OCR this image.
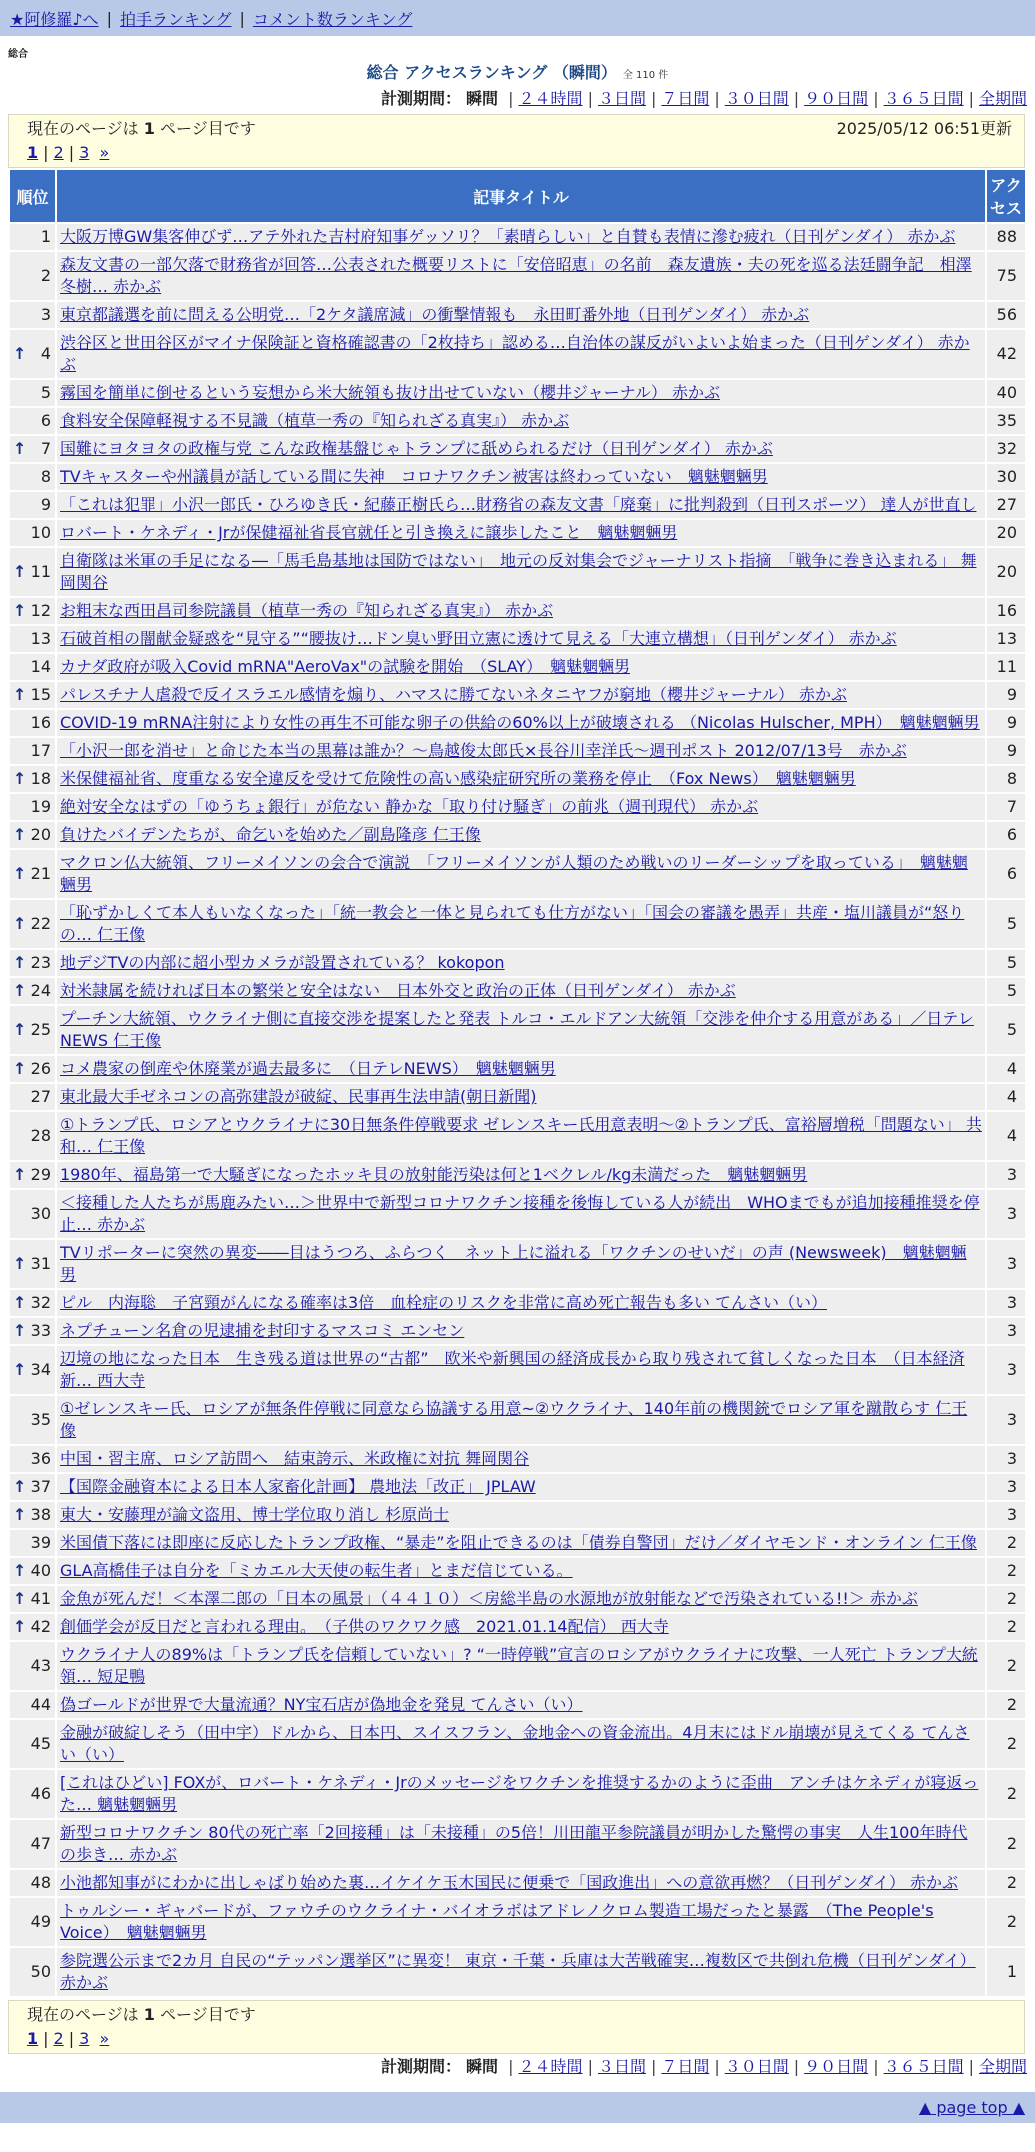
★阿修羅♪へ | 拍手ランキング | コメント数ランキング
総合
総合 アクセスランキング （瞬間） 全 110 件
計測期間： 瞬間 | ２４時間 | ３日間 | ７日間 | ３０日間 | ９０日間 | ３６５日間 | 全期間
現在のページは 1 ページ目です	2025/05/12 06:51更新
1 | 2 | 3 »
順位	記事タイトル	アクセス
1	大阪万博GW集客伸びず…アテ外れた吉村府知事ゲッソリ？「素晴らしい」と自賛も表情に滲む疲れ（日刊ゲンダイ） 赤かぶ	88
2	森友文書の一部欠落で財務省が回答…公表された概要リストに「安倍昭恵」の名前　森友遺族・夫の死を巡る法廷闘争記　相澤冬樹… 赤かぶ	75
3	東京都議選を前に問える公明党…「2ケタ議席減」の衝撃情報も　永田町番外地（日刊ゲンダイ） 赤かぶ	56

↑ 4	渋谷区と世田谷区がマイナ保険証と資格確認書の「2枚持ち」認める…自治体の謀反がいよいよ始まった（日刊ゲンダイ） 赤かぶ	42
5	霧国を簡単に倒せるという妄想から米大統領も抜け出せていない（櫻井ジャーナル） 赤かぶ	40
6	食料安全保障軽視する不見識（植草一秀の『知られざる真実』） 赤かぶ	35

↑ 7	国難にヨタヨタの政権与党 こんな政権基盤じゃトランプに舐められるだけ（日刊ゲンダイ） 赤かぶ	32
8	TVキャスターや州議員が話している間に失神　コロナワクチン被害は終わっていない　魑魅魍魎男	30
9	「これは犯罪」小沢一郎氏・ひろゆき氏・紀藤正樹氏ら…財務省の森友文書「廃棄」に批判殺到（日刊スポーツ） 達人が世直し	27
10	ロバート・ケネディ・Jrが保健福祉省長官就任と引き換えに譲歩したこと　魑魅魍魎男	20

↑ 11	自衛隊は米軍の手足になる―「馬毛島基地は国防ではない」　地元の反対集会でジャーナリスト指摘　「戦争に巻き込まれる」 舞岡関谷	20

↑ 12	お粗末な西田昌司参院議員（植草一秀の『知られざる真実』） 赤かぶ	16
13	石破首相の闇献金疑惑を“見守る”“腰抜け…ドン臭い野田立憲に透けて見える「大連立構想」（日刊ゲンダイ） 赤かぶ	13
14	カナダ政府が吸入Covid mRNA"AeroVax"の試験を開始　（SLAY）　魑魅魍魎男	11

↑ 15	パレスチナ人虐殺で反イスラエル感情を煽り、ハマスに勝てないネタニヤフが窮地（櫻井ジャーナル） 赤かぶ	9
16	COVID-19 mRNA注射により女性の再生不可能な卵子の供給の60%以上が破壊される （Nicolas Hulscher, MPH）　魑魅魍魎男	9
17	「小沢一郎を消せ」と命じた本当の黒幕は誰か？～鳥越俊太郎氏×長谷川幸洋氏～週刊ポスト 2012/07/13号　赤かぶ	9

↑ 18	米保健福祉省、度重なる安全違反を受けて危険性の高い感染症研究所の業務を停止　（Fox News）　魑魅魍魎男	8
19	絶対安全なはずの「ゆうちょ銀行」が危ない 静かな「取り付け騒ぎ」の前兆（週刊現代） 赤かぶ	7

↑ 20	負けたバイデンたちが、命乞いを始めた／副島隆彦 仁王像	6

↑ 21	マクロン仏大統領、フリーメイソンの会合で演説　「フリーメイソンが人類のため戦いのリーダーシップを取っている」　魑魅魍魎男	6

↑ 22	「恥ずかしくて本人もいなくなった」「統一教会と一体と見られても仕方がない」「国会の審議を愚弄」共産・塩川議員が“怒りの… 仁王像	5

↑ 23	地デジTVの内部に超小型カメラが設置されている？ kokopon	5

↑ 24	対米隷属を続ければ日本の繁栄と安全はない　日本外交と政治の正体（日刊ゲンダイ） 赤かぶ	5

↑ 25	プーチン大統領、ウクライナ側に直接交渉を提案したと発表 トルコ・エルドアン大統領「交渉を仲介する用意がある」／日テレNEWS 仁王像	5

↑ 26	コメ農家の倒産や休廃業が過去最多に　（日テレNEWS）　魑魅魍魎男	4
27	東北最大手ゼネコンの高弥建設が破綻、民事再生法申請(朝日新聞)	4
28	①トランプ氏、ロシアとウクライナに30日無条件停戦要求 ゼレンスキー氏用意表明～②トランプ氏、富裕層増税「問題ない」 共和… 仁王像	4

↑ 29	1980年、福島第一で大騒ぎになったホッキ貝の放射能汚染は何と1ベクレル/kg未満だった　魑魅魍魎男	3
30	＜接種した人たちが馬鹿みたい…＞世界中で新型コロナワクチン接種を後悔している人が続出　WHOまでもが追加接種推奨を停止… 赤かぶ	3

↑ 31	TVリポーターに突然の異変――目はうつろ、ふらつく　ネット上に溢れる「ワクチンのせいだ」の声 (Newsweek)　魑魅魍魎男	3

↑ 32	ピル　内海聡　子宮頸がんになる確率は3倍　血栓症のリスクを非常に高め死亡報告も多い てんさい（い）	3

↑ 33	ネプチューン名倉の児逮捕を封印するマスコミ エンセン	3

↑ 34	辺境の地になった日本　生き残る道は世界の“古都”　欧米や新興国の経済成長から取り残されて貧しくなった日本　（日本経済新… 西大寺	3
35	①ゼレンスキー氏、ロシアが無条件停戦に同意なら協議する用意~②ウクライナ、140年前の機関銃でロシア軍を蹴散らす 仁王像	3
36	中国・習主席、ロシア訪問へ　結束誇示、米政権に対抗 舞岡関谷	3

↑ 37	【国際金融資本による日本人家畜化計画】 農地法「改正」 JPLAW	3

↑ 38	東大・安藤理が論文盗用、博士学位取り消し 杉原尚士	3
39	米国債下落には即座に反応したトランプ政権、“暴走”を阻止できるのは「債券自警団」だけ／ダイヤモンド・オンライン 仁王像	2

↑ 40	GLA高橋佳子は自分を「ミカエル大天使の転生者」とまだ信じている。	2

↑ 41	金魚が死んだ！＜本澤二郎の「日本の風景」（４４１０）＜房総半島の水源地が放射能などで汚染されている!!＞ 赤かぶ	2

↑ 42	創価学会が反日だと言われる理由。　（子供のワクワク感　2021.01.14配信） 西大寺	2
43	ウクライナ人の89%は「トランプ氏を信頼していない」? “一時停戦”宣言のロシアがウクライナに攻撃、一人死亡 トランプ大統領… 短足鴨	2
44	偽ゴールドが世界で大量流通？NY宝石店が偽地金を発見 てんさい（い）	2
45	金融が破綻しそう（田中宇）ドルから、日本円、スイスフラン、金地金への資金流出。4月末にはドル崩壊が見えてくる てんさい（い）	2
46	[これはひどい] FOXが、ロバート・ケネディ・Jrのメッセージをワクチンを推奨するかのように歪曲　アンチはケネディが寝返った… 魑魅魍魎男	2
47	新型コロナワクチン 80代の死亡率「2回接種」は「未接種」の5倍！川田龍平参院議員が明かした驚愕の事実　人生100年時代の歩き… 赤かぶ	2
48	小池都知事がにわかに出しゃばり始めた裏…イケイケ玉木国民に便乗で「国政進出」への意欲再燃？（日刊ゲンダイ） 赤かぶ	2
49	トゥルシー・ギャバードが、ファウチのウクライナ・バイオラボはアドレノクロム製造工場だったと暴露　（The People's Voice）　魑魅魍魎男	2
50	参院選公示まで2カ月 自民の“テッパン選挙区”に異変！ 東京・千葉・兵庫は大苦戦確実…複数区で共倒れ危機（日刊ゲンダイ） 赤かぶ	1
現在のページは 1 ページ目です
1 | 2 | 3 »
計測期間： 瞬間 | ２４時間 | ３日間 | ７日間 | ３０日間 | ９０日間 | ３６５日間 | 全期間
▲ page top ▲
